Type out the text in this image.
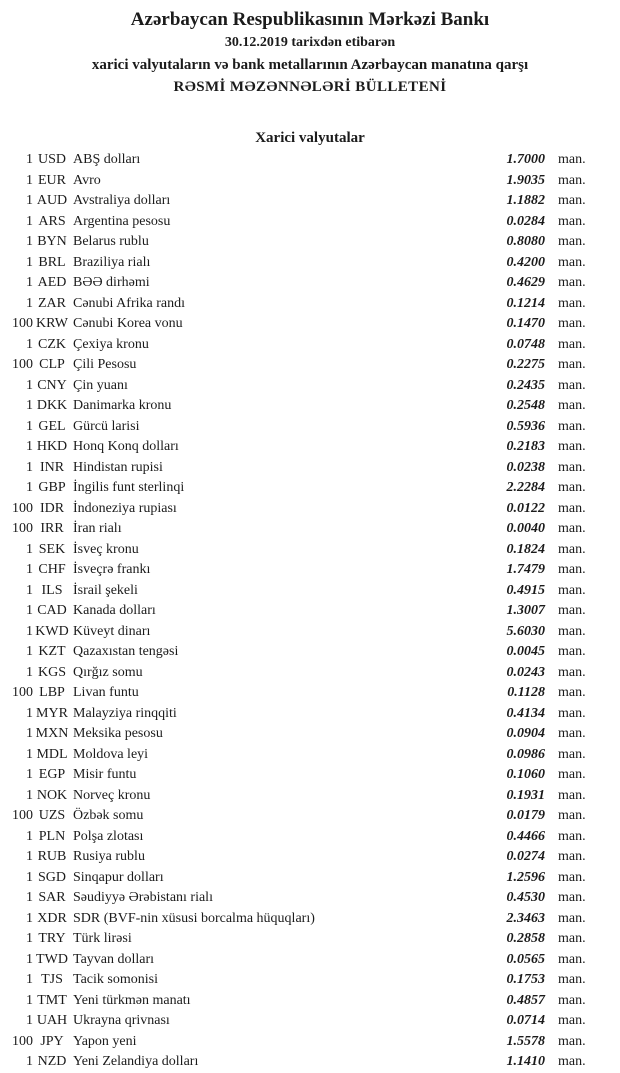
Azərbaycan Respublikasının Mərkəzi Bankı
30.12.2019 tarixdən etibarən
xarici valyutaların və bank metallarının Azərbaycan manatına qarşı
RƏSMİ MƏZƏNNƏLƏRİ BÜLLETENİ
Xarici valyutalar
1 USD ABŞ dolları	1.7000 man.
1 EUR Avro	1.9035 man.
1 AUD Avstraliya dolları	1.1882 man.
1 ARS Argentina pesosu	0.0284 man.
1 BYN Belarus rublu	0.8080 man.
1 BRL Braziliya rialı	0.4200 man.
1 AED BƏƏ dirhəmi	0.4629 man.
1 ZAR Cənubi Afrika randı	0.1214 man.
100 KRW Cənubi Korea vonu	0.1470 man.
1 CZK Çexiya kronu	0.0748 man.
100 CLP Çili Pesosu	0.2275 man.
1 CNY Çin yuanı	0.2435 man.
1 DKK Danimarka kronu	0.2548 man.
1 GEL Gürcü larisi	0.5936 man.
1 HKD Honq Konq dolları	0.2183 man.
1 INR Hindistan rupisi	0.0238 man.
1 GBP İngilis funt sterlinqi	2.2284 man.
100 IDR İndoneziya rupiası	0.0122 man.
100 IRR İran rialı	0.0040 man.
1 SEK İsveç kronu	0.1824 man.
1 CHF İsveçrə frankı	1.7479 man.
1 ILS İsrail şekeli	0.4915 man.
1 CAD Kanada dolları	1.3007 man.
1 KWD Küveyt dinarı	5.6030 man.
1 KZT Qazaxıstan tengəsi	0.0045 man.
1 KGS Qırğız somu	0.0243 man.
100 LBP Livan funtu	0.1128 man.
1 MYR Malayziya rinqqiti	0.4134 man.
1 MXN Meksika pesosu	0.0904 man.
1 MDL Moldova leyi	0.0986 man.
1 EGP Misir funtu	0.1060 man.
1 NOK Norveç kronu	0.1931 man.
100 UZS Özbək somu	0.0179 man.
1 PLN Polşa zlotası	0.4466 man.
1 RUB Rusiya rublu	0.0274 man.
1 SGD Sinqapur dolları	1.2596 man.
1 SAR Səudiyyə Ərəbistanı rialı	0.4530 man.
1 XDR SDR (BVF-nin xüsusi borcalma hüquqları)	2.3463 man.
1 TRY Türk lirəsi	0.2858 man.
1 TWD Tayvan dolları	0.0565 man.
1 TJS Tacik somonisi	0.1753 man.
1 TMT Yeni türkmən manatı	0.4857 man.
1 UAH Ukrayna qrivnası	0.0714 man.
100 JPY Yapon yeni	1.5578 man.
1 NZD Yeni Zelandiya dolları	1.1410 man.
